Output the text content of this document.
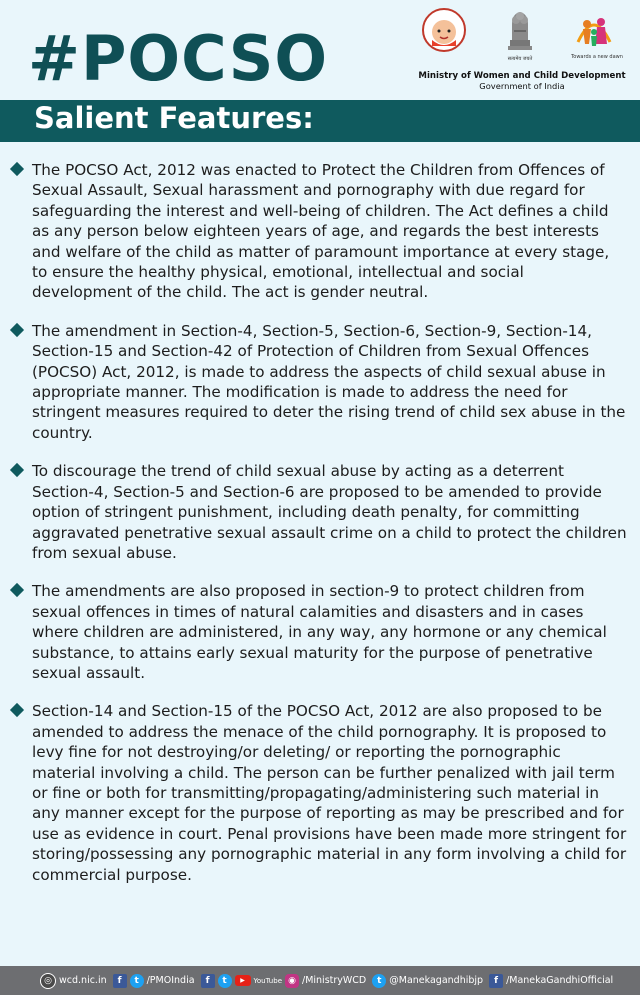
#POCSO
Salient Features:
सत्यमेव जयते	Towards a new dawn
Ministry of Women and Child Development
Government of India

The POCSO Act, 2012 was enacted to Protect the Children from Offences of Sexual Assault, Sexual harassment and pornography with due regard for safeguarding the interest and well-being of children. The Act defines a child as any person below eighteen years of age, and regards the best interests and welfare of the child as matter of paramount importance at every stage, to ensure the healthy physical, emotional, intellectual and social development of the child. The act is gender neutral.

The amendment in Section-4, Section-5, Section-6, Section-9, Section-14, Section-15 and Section-42 of Protection of Children from Sexual Offences (POCSO) Act, 2012, is made to address the aspects of child sexual abuse in appropriate manner. The modification is made to address the need for stringent measures required to deter the rising trend of child sex abuse in the country.

To discourage the trend of child sexual abuse by acting as a deterrent Section-4, Section-5 and Section-6 are proposed to be amended to provide option of stringent punishment, including death penalty, for committing aggravated penetrative sexual assault crime on a child to protect the children from sexual abuse.

The amendments are also proposed in section-9 to protect children from sexual offences in times of natural calamities and disasters and in cases where children are administered, in any way, any hormone or any chemical substance, to attains early sexual maturity for the purpose of penetrative sexual assault.

Section-14 and Section-15 of the POCSO Act, 2012 are also proposed to be amended to address the menace of the child pornography. It is proposed to levy fine for not destroying/or deleting/ or reporting the pornographic material involving a child. The person can be further penalized with jail term or fine or both for transmitting/propagating/administering such material in any manner except for the purpose of reporting as may be prescribed and for use as evidence in court. Penal provisions have been made more stringent for storing/possessing any pornographic material in any form involving a child for commercial purpose.

◎ wcd.nic.in	f	t /PMOIndia	f	t	▶	YouTube ◉ /MinistryWCD	t @Manekagandhibjp	f /ManekaGandhiOfficial
